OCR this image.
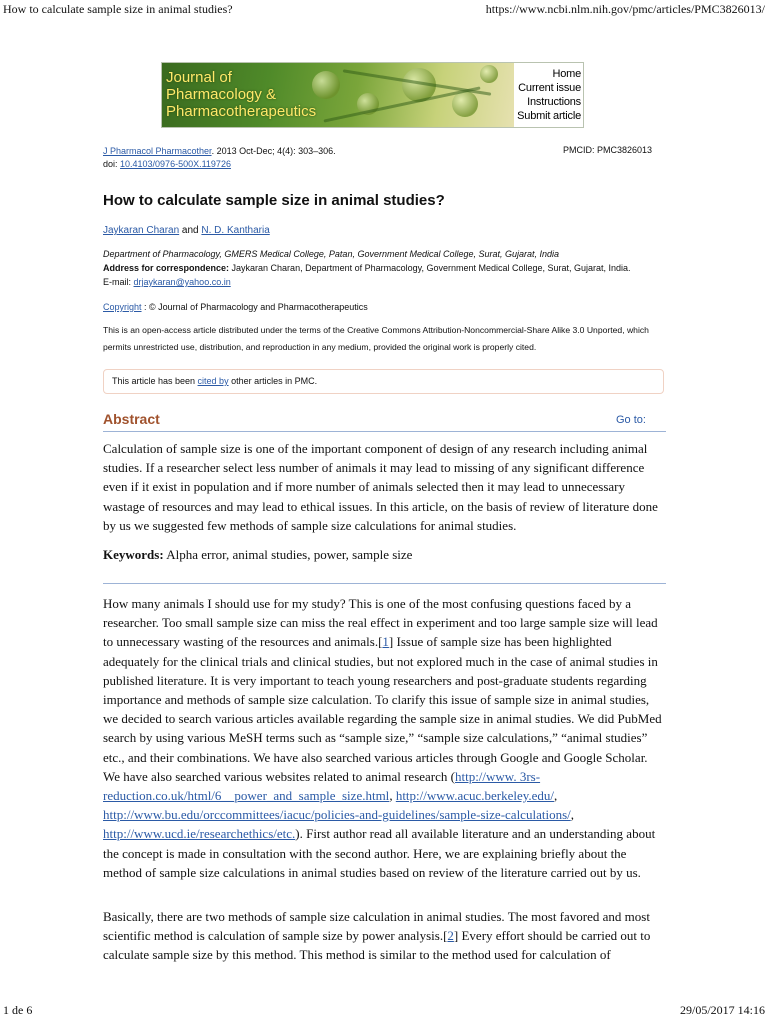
How to calculate sample size in animal studies?	https://www.ncbi.nlm.nih.gov/pmc/articles/PMC3826013/
Journal of
Pharmacology &
Pharmacotherapeutics
Home
Current issue
Instructions
Submit article
J Pharmacol Pharmacother. 2013 Oct-Dec; 4(4): 303–306.	PMCID: PMC3826013
doi: 10.4103/0976-500X.119726
How to calculate sample size in animal studies?
Jaykaran Charan and N. D. Kantharia
Department of Pharmacology, GMERS Medical College, Patan, Government Medical College, Surat, Gujarat, India
Address for correspondence: Jaykaran Charan, Department of Pharmacology, Government Medical College, Surat, Gujarat, India.
E-mail: drjaykaran@yahoo.co.in
Copyright : © Journal of Pharmacology and Pharmacotherapeutics
This is an open-access article distributed under the terms of the Creative Commons Attribution-Noncommercial-Share Alike 3.0 Unported, which permits unrestricted use, distribution, and reproduction in any medium, provided the original work is properly cited.
This article has been cited by other articles in PMC.
Abstract	Go to:
Calculation of sample size is one of the important component of design of any research including animal studies. If a researcher select less number of animals it may lead to missing of any significant difference even if it exist in population and if more number of animals selected then it may lead to unnecessary wastage of resources and may lead to ethical issues. In this article, on the basis of review of literature done by us we suggested few methods of sample size calculations for animal studies.
Keywords: Alpha error, animal studies, power, sample size
How many animals I should use for my study? This is one of the most confusing questions faced by a researcher. Too small sample size can miss the real effect in experiment and too large sample size will lead to unnecessary wasting of the resources and animals.[1] Issue of sample size has been highlighted adequately for the clinical trials and clinical studies, but not explored much in the case of animal studies in published literature. It is very important to teach young researchers and post-graduate students regarding importance and methods of sample size calculation. To clarify this issue of sample size in animal studies, we decided to search various articles available regarding the sample size in animal studies. We did PubMed search by using various MeSH terms such as “sample size,” “sample size calculations,” “animal studies” etc., and their combinations. We have also searched various articles through Google and Google Scholar. We have also searched various websites related to animal research (http://www. 3rs-reduction.co.uk/html/6__power_and_sample_size.html, http://www.acuc.berkeley.edu/, http://www.bu.edu/orccommittees/iacuc/policies-and-guidelines/sample-size-calculations/, http://www.ucd.ie/researchethics/etc.). First author read all available literature and an understanding about the concept is made in consultation with the second author. Here, we are explaining briefly about the method of sample size calculations in animal studies based on review of the literature carried out by us.
Basically, there are two methods of sample size calculation in animal studies. The most favored and most scientific method is calculation of sample size by power analysis.[2] Every effort should be carried out to calculate sample size by this method. This method is similar to the method used for calculation of
1 de 6	29/05/2017 14:16
